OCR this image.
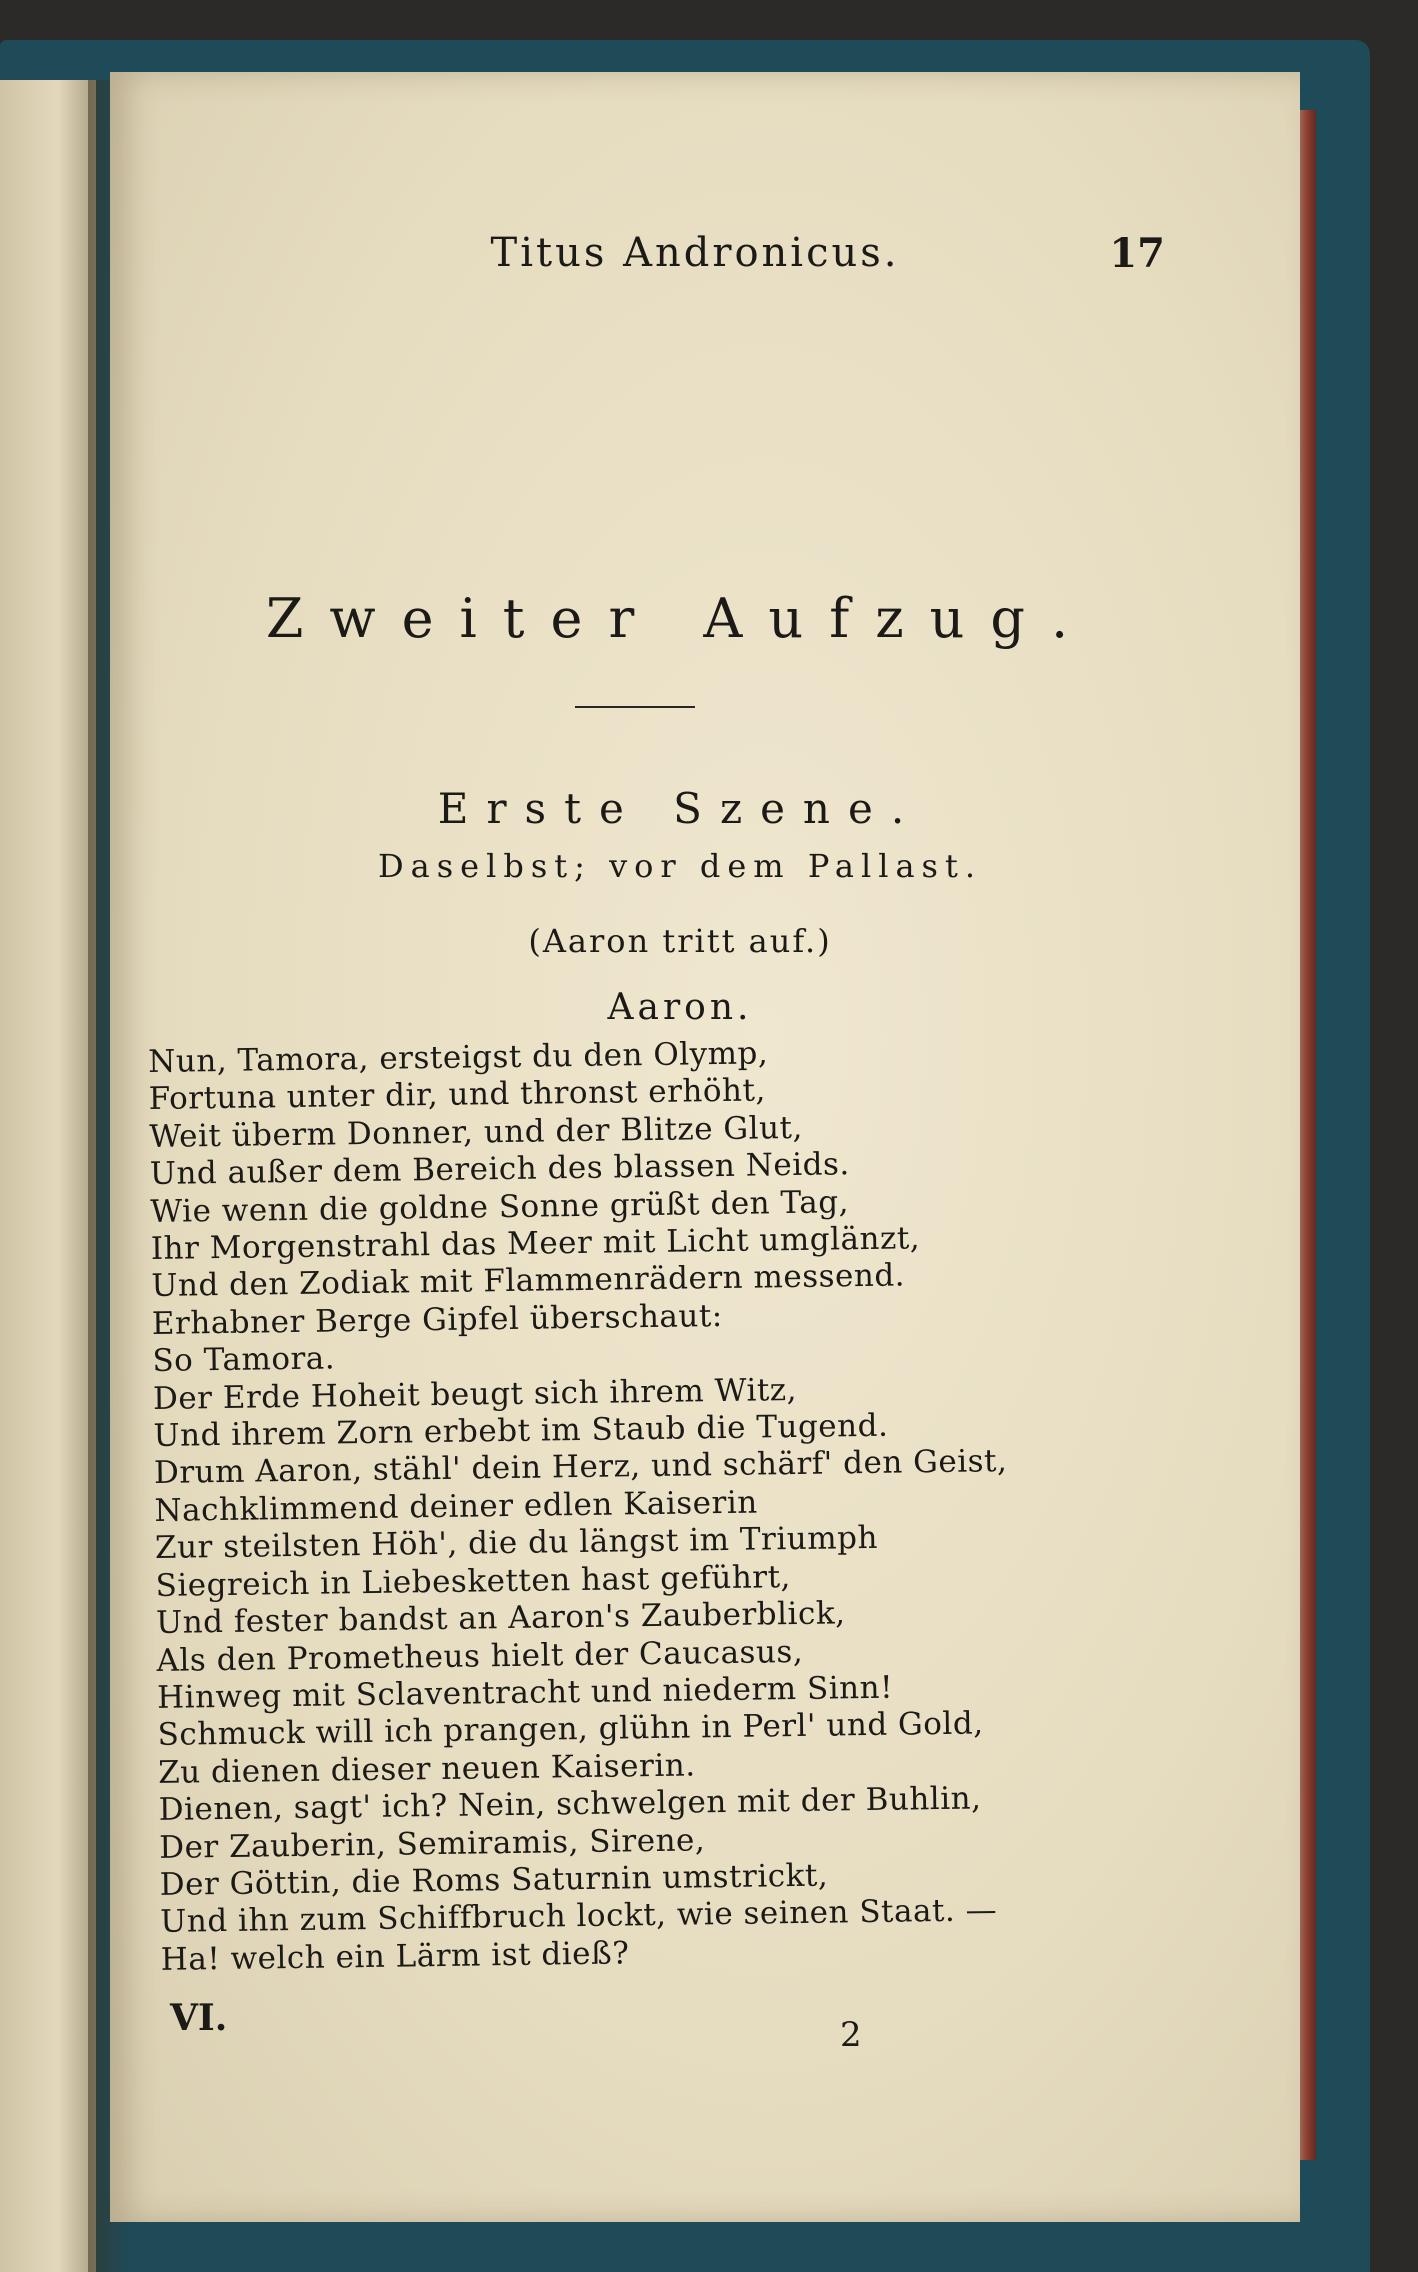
Titus Andronicus.	17
Zweiter Aufzug.
Erste Szene.
Daselbst; vor dem Pallast.
(Aaron tritt auf.)
Aaron.
Nun, Tamora, ersteigst du den Olymp,
Fortuna unter dir, und thronst erhöht,
Weit überm Donner, und der Blitze Glut,
Und außer dem Bereich des blassen Neids.
Wie wenn die goldne Sonne grüßt den Tag,
Ihr Morgenstrahl das Meer mit Licht umglänzt,
Und den Zodiak mit Flammenrädern messend.
Erhabner Berge Gipfel überschaut:
So Tamora.
Der Erde Hoheit beugt sich ihrem Witz,
Und ihrem Zorn erbebt im Staub die Tugend.
Drum Aaron, stähl' dein Herz, und schärf' den Geist,
Nachklimmend deiner edlen Kaiserin
Zur steilsten Höh', die du längst im Triumph
Siegreich in Liebesketten hast geführt,
Und fester bandst an Aaron's Zauberblick,
Als den Prometheus hielt der Caucasus,
Hinweg mit Sclaventracht und niederm Sinn!
Schmuck will ich prangen, glühn in Perl' und Gold,
Zu dienen dieser neuen Kaiserin.
Dienen, sagt' ich? Nein, schwelgen mit der Buhlin,
Der Zauberin, Semiramis, Sirene,
Der Göttin, die Roms Saturnin umstrickt,
Und ihn zum Schiffbruch lockt, wie seinen Staat. —
Ha! welch ein Lärm ist dieß?
VI.	2
